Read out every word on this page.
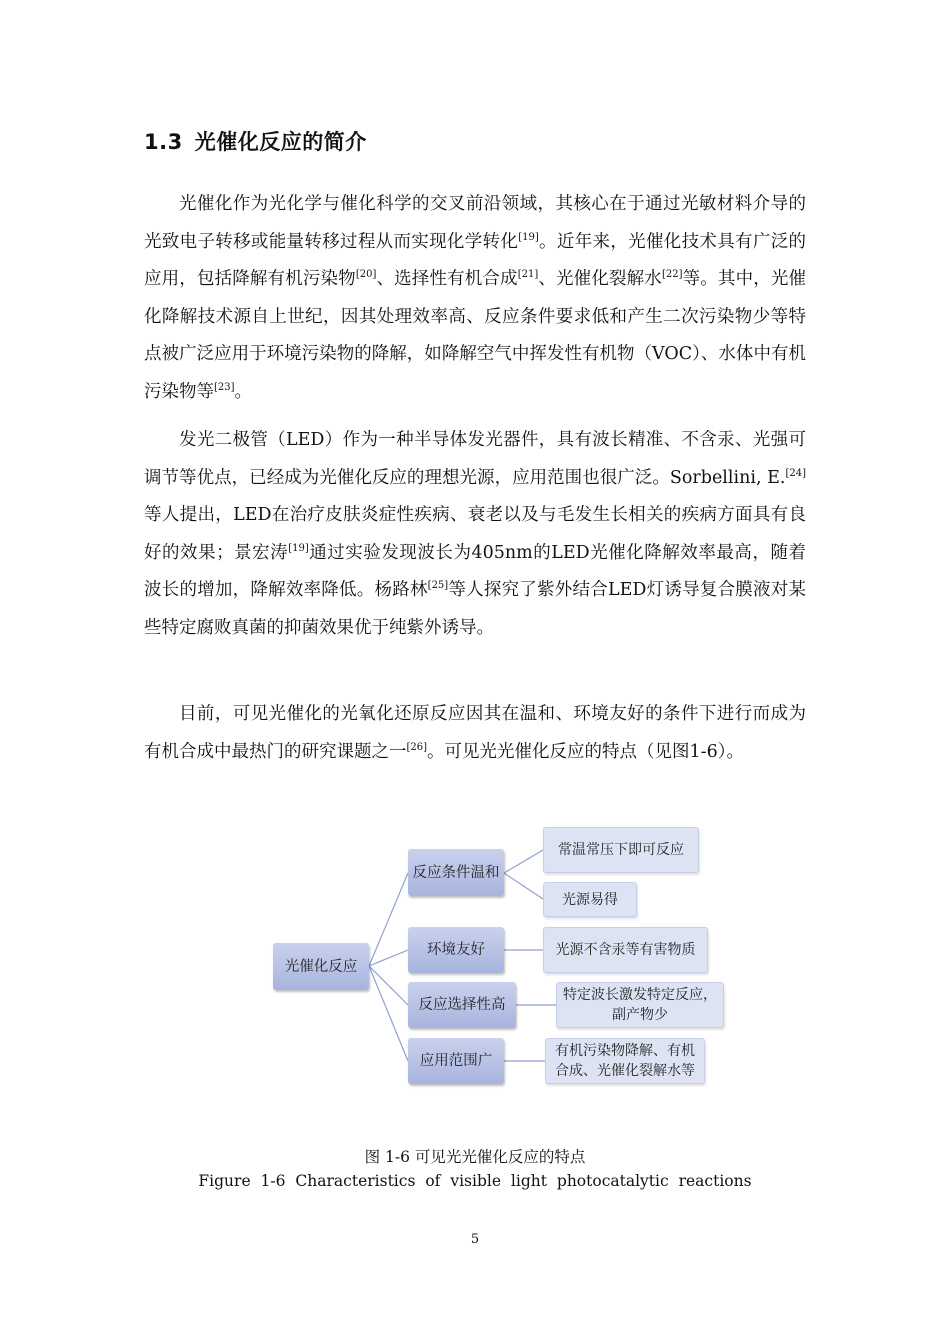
1.3 光催化反应的简介

光催化作为光化学与催化科学的交叉前沿领域，其核心在于通过光敏材料介导的光致电子转移或能量转移过程从而实现化学转化[19]。近年来，光催化技术具有广泛的应用，包括降解有机污染物[20]、选择性有机合成[21]、光催化裂解水[22]等。其中，光催化降解技术源自上世纪，因其处理效率高、反应条件要求低和产生二次污染物少等特点被广泛应用于环境污染物的降解，如降解空气中挥发性有机物（VOC）、水体中有机污染物等[23]。

发光二极管（LED）作为一种半导体发光器件，具有波长精准、不含汞、光强可调节等优点，已经成为光催化反应的理想光源，应用范围也很广泛。Sorbellini, E.[24]等人提出，LED在治疗皮肤炎症性疾病、衰老以及与毛发生长相关的疾病方面具有良好的效果；景宏涛[19]通过实验发现波长为405nm的LED光催化降解效率最高，随着波长的增加，降解效率降低。杨路林[25]等人探究了紫外结合LED灯诱导复合膜液对某些特定腐败真菌的抑菌效果优于纯紫外诱导。

目前，可见光催化的光氧化还原反应因其在温和、环境友好的条件下进行而成为有机合成中最热门的研究课题之一[26]。可见光光催化反应的特点（见图1-6）。

光催化反应
反应条件温和
环境友好
反应选择性高
应用范围广
常温常压下即可反应
光源易得
光源不含汞等有害物质
特定波长激发特定反应，副产物少
有机污染物降解、有机合成、光催化裂解水等
图 1-6 可见光光催化反应的特点
Figure 1-6 Characteristics of visible light photocatalytic reactions
5
